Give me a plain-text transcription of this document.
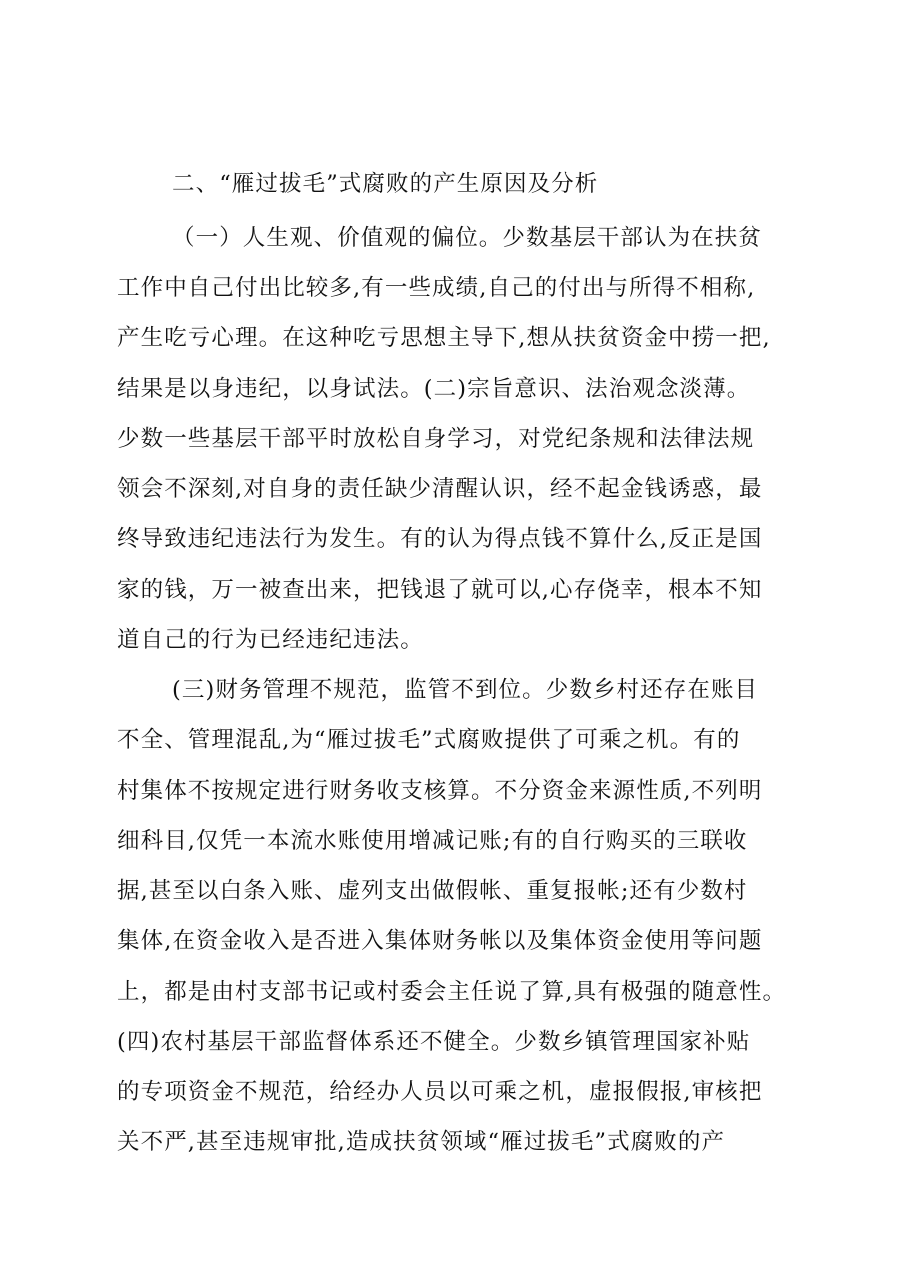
二、“雁过拔毛”式腐败的产生原因及分析
（一）人生观、价值观的偏位。少数基层干部认为在扶贫
工作中自己付出比较多,有一些成绩,自己的付出与所得不相称,
产生吃亏心理。在这种吃亏思想主导下,想从扶贫资金中捞一把,
结果是以身违纪，以身试法。(二)宗旨意识、法治观念淡薄。
少数一些基层干部平时放松自身学习，对党纪条规和法律法规
领会不深刻,对自身的责任缺少清醒认识，经不起金钱诱惑，最
终导致违纪违法行为发生。有的认为得点钱不算什么,反正是国
家的钱，万一被查出来，把钱退了就可以,心存侥幸，根本不知
道自己的行为已经违纪违法。
(三)财务管理不规范，监管不到位。少数乡村还存在账目
不全、管理混乱,为“雁过拔毛”式腐败提供了可乘之机。有的
村集体不按规定进行财务收支核算。不分资金来源性质,不列明
细科目,仅凭一本流水账使用增减记账;有的自行购买的三联收
据,甚至以白条入账、虚列支出做假帐、重复报帐;还有少数村
集体,在资金收入是否进入集体财务帐以及集体资金使用等问题
上，都是由村支部书记或村委会主任说了算,具有极强的随意性。
(四)农村基层干部监督体系还不健全。少数乡镇管理国家补贴
的专项资金不规范，给经办人员以可乘之机，虚报假报,审核把
关不严,甚至违规审批,造成扶贫领域“雁过拔毛”式腐败的产
